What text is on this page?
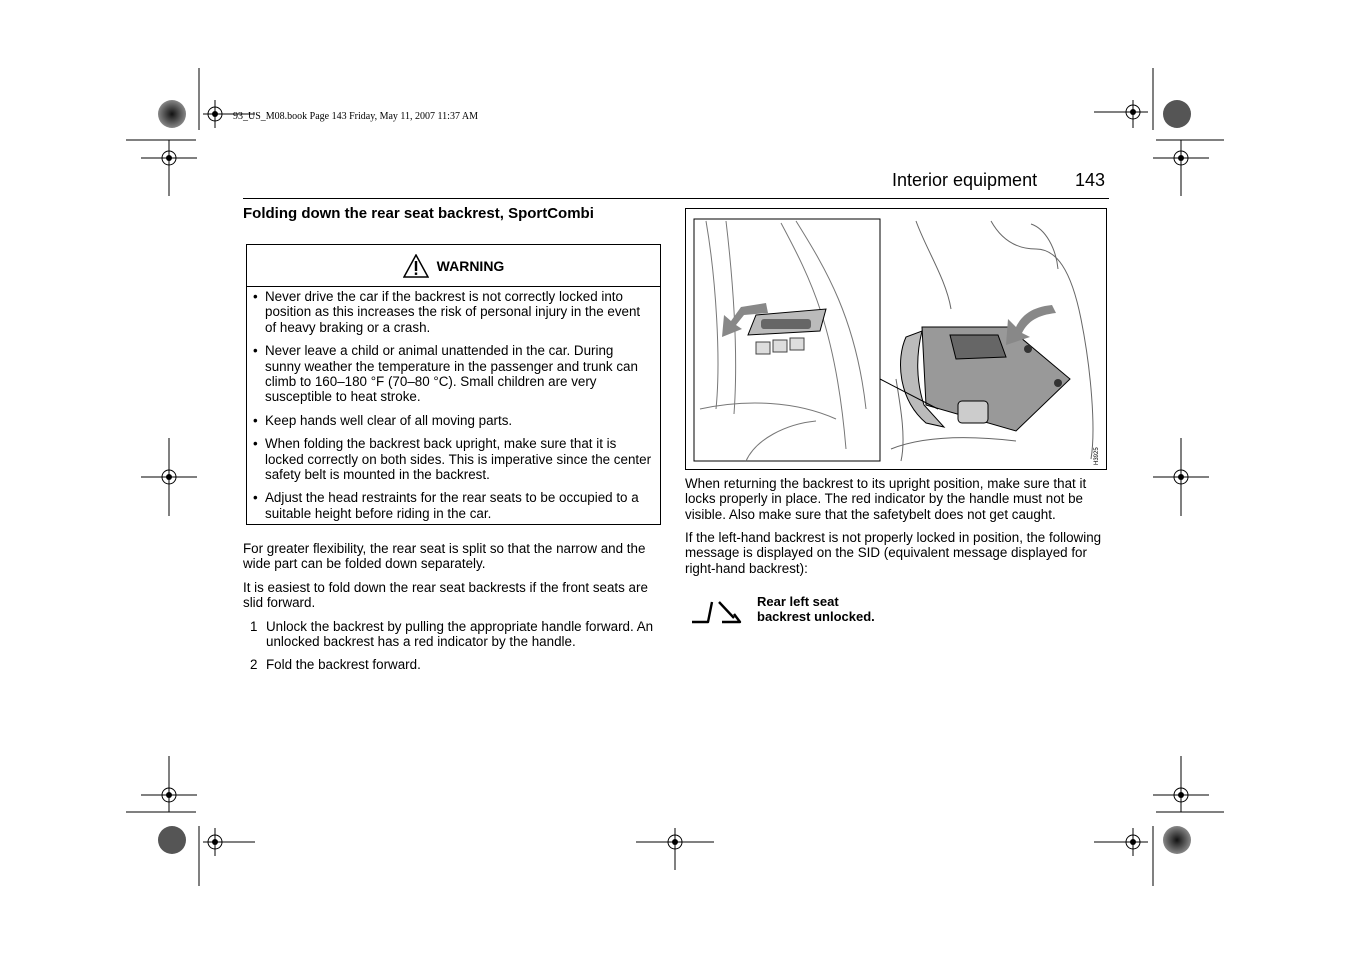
93_US_M08.book Page 143 Friday, May 11, 2007 11:37 AM
Interior equipment 143
Folding down the rear seat backrest, SportCombi
WARNING
• Never drive the car if the backrest is not correctly locked into position as this increases the risk of personal injury in the event of heavy braking or a crash.
• Never leave a child or animal unattended in the car. During sunny weather the temperature in the passenger and trunk can climb to 160–180 °F (70–80 °C). Small children are very susceptible to heat stroke.
• Keep hands well clear of all moving parts.
• When folding the backrest back upright, make sure that it is locked correctly on both sides. This is imperative since the center safety belt is mounted in the backrest.
• Adjust the head restraints for the rear seats to be occupied to a suitable height before riding in the car.
For greater flexibility, the rear seat is split so that the narrow and the wide part can be folded down separately.
It is easiest to fold down the rear seat backrests if the front seats are slid forward.
1 Unlock the backrest by pulling the appropriate handle forward. An unlocked backrest has a red indicator by the handle.
2 Fold the backrest forward.
H3925
When returning the backrest to its upright position, make sure that it locks properly in place. The red indicator by the handle must not be visible. Also make sure that the safetybelt does not get caught.
If the left-hand backrest is not properly locked in position, the following message is displayed on the SID (equivalent message displayed for right-hand backrest):
Rear left seat
backrest unlocked.
